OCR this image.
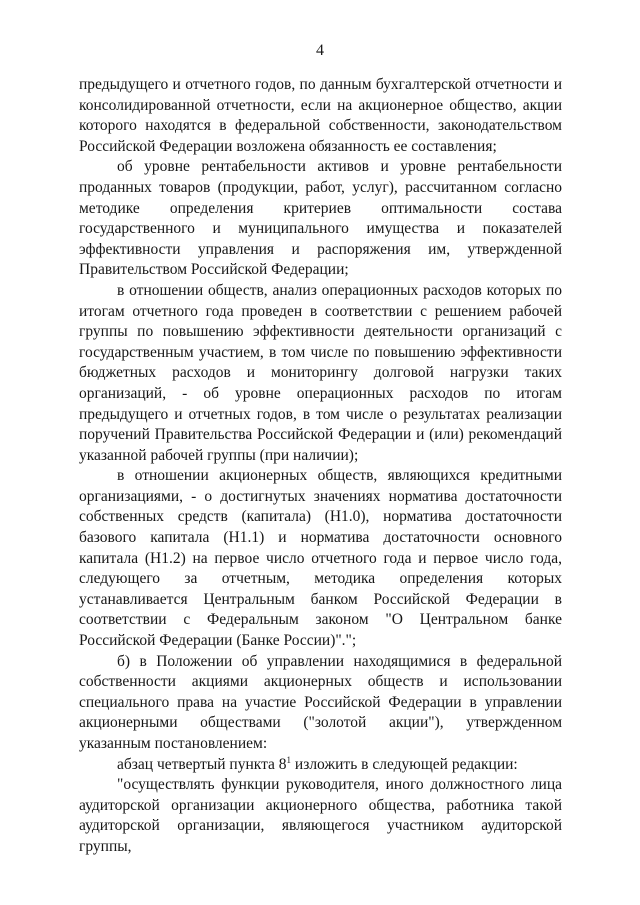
4

предыдущего и отчетного годов, по данным бухгалтерской отчетности и консолидированной отчетности, если на акционерное общество, акции которого находятся в федеральной собственности, законодательством Российской Федерации возложена обязанность ее составления;

об уровне рентабельности активов и уровне рентабельности проданных товаров (продукции, работ, услуг), рассчитанном согласно методике определения критериев оптимальности состава государственного и муниципального имущества и показателей эффективности управления и распоряжения им, утвержденной Правительством Российской Федерации;

в отношении обществ, анализ операционных расходов которых по итогам отчетного года проведен в соответствии с решением рабочей группы по повышению эффективности деятельности организаций с государственным участием, в том числе по повышению эффективности бюджетных расходов и мониторингу долговой нагрузки таких организаций, - об уровне операционных расходов по итогам предыдущего и отчетных годов, в том числе о результатах реализации поручений Правительства Российской Федерации и (или) рекомендаций указанной рабочей группы (при наличии);

в отношении акционерных обществ, являющихся кредитными организациями, - о достигнутых значениях норматива достаточности собственных средств (капитала) (Н1.0), норматива достаточности базового капитала (Н1.1) и норматива достаточности основного капитала (Н1.2) на первое число отчетного года и первое число года, следующего за отчетным, методика определения которых устанавливается Центральным банком Российской Федерации в соответствии с Федеральным законом "О Центральном банке Российской Федерации (Банке России)".";

б) в Положении об управлении находящимися в федеральной собственности акциями акционерных обществ и использовании специального права на участие Российской Федерации в управлении акционерными обществами ("золотой акции"), утвержденном указанным постановлением:

абзац четвертый пункта $8^1$ изложить в следующей редакции:

"осуществлять функции руководителя, иного должностного лица аудиторской организации акционерного общества, работника такой аудиторской организации, являющегося участником аудиторской группы,
